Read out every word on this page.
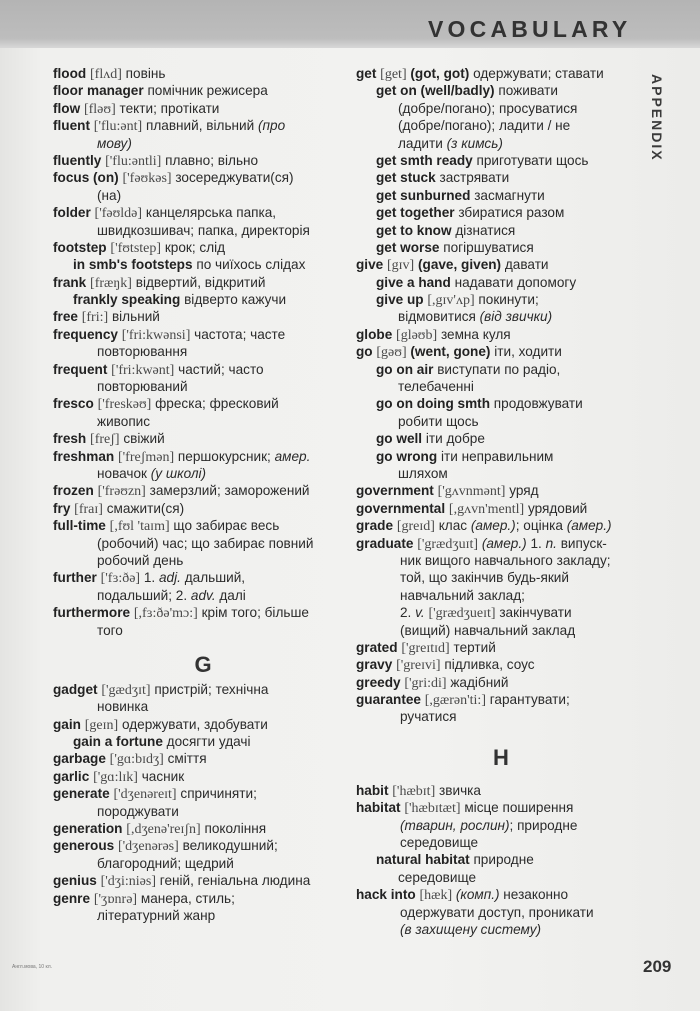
VOCABULARY
APPENDIX
flood [flʌd] повінь
floor manager помічник режисера
flow [fləʊ] текти; протікати
fluent ['flu:ənt] плавний, вільний (про
мову)
fluently ['flu:əntli] плавно; вільно
focus (on) ['fəʊkəs] зосереджувати(ся)
(на)
folder ['fəʊldə] канцелярська папка,
швидкозшивач; папка, директорія
footstep ['fʊtstep] крок; слід
in smb's footsteps по чиїхось слідах
frank [fræŋk] відвертий, відкритий
frankly speaking відверто кажучи
free [fri:] вільний
frequency ['fri:kwənsi] частота; часте
повторювання
frequent ['fri:kwənt] частий; часто
повторюваний
fresco ['freskəʊ] фреска; фресковий
живопис
fresh [freʃ] свіжий
freshman ['freʃmən] першокурсник; амер.
новачок (у школі)
frozen ['frəʊzn] замерзлий; заморожений
fry [fraɪ] смажити(ся)
full-time [,fʊl 'taɪm] що забирає весь
(робочий) час; що забирає повний
робочий день
further ['fɜ:ðə] 1. adj. дальший,
подальший; 2. adv. далі
furthermore [,fɜ:ðə'mɔ:] крім того; більше
того
G
gadget ['gædʒɪt] пристрій; технічна
новинка
gain [geɪn] одержувати, здобувати
gain a fortune досягти удачі
garbage ['gɑ:bɪdʒ] сміття
garlic ['gɑ:lɪk] часник
generate ['dʒenəreɪt] спричиняти;
породжувати
generation [,dʒenə'reɪʃn] покоління
generous ['dʒenərəs] великодушний;
благородний; щедрий
genius ['dʒi:niəs] геній, геніальна людина
genre ['ʒɒnrə] манера, стиль;
літературний жанр
get [get] (got, got) одержувати; ставати
get on (well/badly) поживати
(добре/погано); просуватися
(добре/погано); ладити / не
ладити (з кимсь)
get smth ready приготувати щось
get stuck застрявати
get sunburned засмагнути
get together збиратися разом
get to know дізнатися
get worse погіршуватися
give [gɪv] (gave, given) давати
give a hand надавати допомогу
give up [,gɪv'ʌp] покинути;
відмовитися (від звички)
globe [gləʊb] земна куля
go [gəʊ] (went, gone) іти, ходити
go on air виступати по радіо,
телебаченні
go on doing smth продовжувати
робити щось
go well іти добре
go wrong іти неправильним
шляхом
government ['gʌvnmənt] уряд
governmental [,gʌvn'mentl] урядовий
grade [greɪd] клас (амер.); оцінка (амер.)
graduate ['grædʒuɪt] (амер.) 1. n. випуск-
ник вищого навчального закладу;
той, що закінчив будь-який
навчальний заклад;
2. v. ['grædʒueɪt] закінчувати
(вищий) навчальний заклад
grated ['greɪtɪd] тертий
gravy ['greɪvi] підливка, соус
greedy ['gri:di] жадібний
guarantee [,gærən'ti:] гарантувати;
ручатися
H
habit ['hæbɪt] звичка
habitat ['hæbɪtæt] місце поширення
(тварин, рослин); природне
середовище
natural habitat природне
середовище
hack into [hæk] (комп.) незаконно
одержувати доступ, проникати
(в захищену систему)
Англ.мова, 10 кл.	209
